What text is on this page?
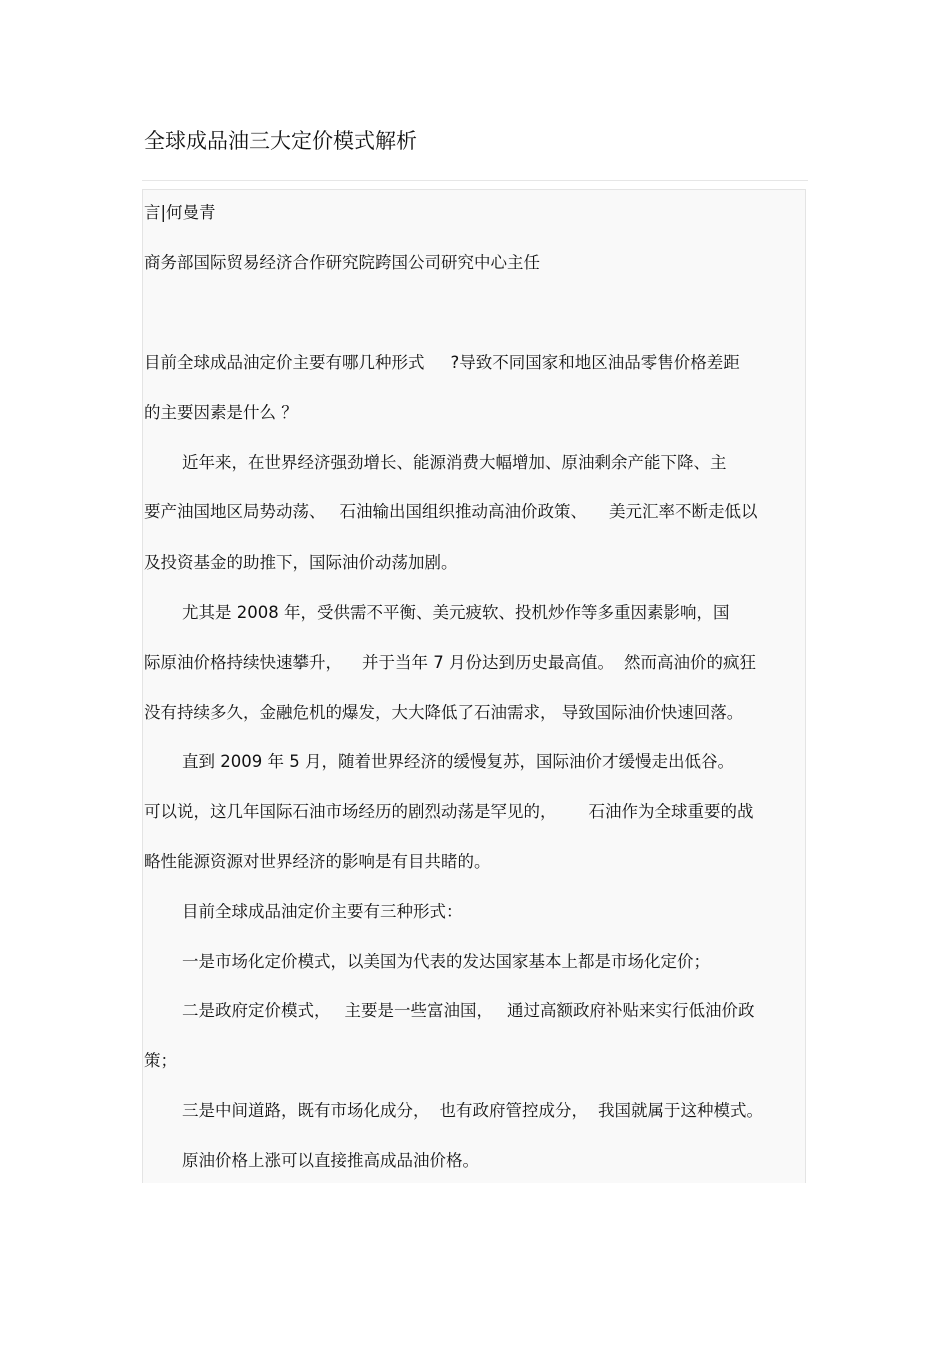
全球成品油三大定价模式解析
言|何曼青
商务部国际贸易经济合作研究院跨国公司研究中心主任
目前全球成品油定价主要有哪几种形式 ?导致不同国家和地区油品零售价格差距
的主要因素是什么 ？
近年来，在世界经济强劲增长、能源消费大幅增加、原油剩余产能下降、主
要产油国地区局势动荡、 石油输出国组织推动高油价政策、 美元汇率不断走低以
及投资基金的助推下，国际油价动荡加剧。
尤其是 2008 年，受供需不平衡、美元疲软、投机炒作等多重因素影响，国
际原油价格持续快速攀升， 并于当年 7 月份达到历史最高值。 然而高油价的疯狂
没有持续多久，金融危机的爆发，大大降低了石油需求， 导致国际油价快速回落。
直到 2009 年 5 月，随着世界经济的缓慢复苏，国际油价才缓慢走出低谷。
可以说，这几年国际石油市场经历的剧烈动荡是罕见的， 石油作为全球重要的战
略性能源资源对世界经济的影响是有目共睹的。
目前全球成品油定价主要有三种形式：
一是市场化定价模式，以美国为代表的发达国家基本上都是市场化定价；
二是政府定价模式， 主要是一些富油国， 通过高额政府补贴来实行低油价政
策；
三是中间道路，既有市场化成分， 也有政府管控成分， 我国就属于这种模式。
原油价格上涨可以直接推高成品油价格。
